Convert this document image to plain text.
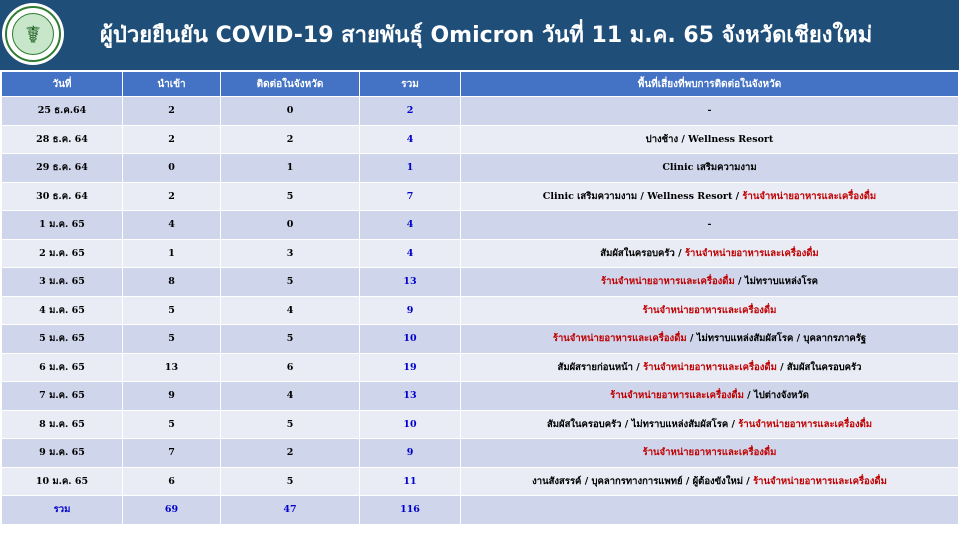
☤	ผู้ป่วยยืนยัน COVID-19 สายพันธุ์ Omicron วันที่ 11 ม.ค. 65 จังหวัดเชียงใหม่
วันที่	นำเข้า	ติดต่อในจังหวัด	รวม	พื้นที่เสี่ยงที่พบการติดต่อในจังหวัด
25 ธ.ค.64	2	0	2	-
28 ธ.ค. 64	2	2	4	ปางช้าง / Wellness Resort
29 ธ.ค. 64	0	1	1	Clinic เสริมความงาม
30 ธ.ค. 64	2	5	7	Clinic เสริมความงาม / Wellness Resort / ร้านจำหน่ายอาหารและเครื่องดื่ม
1 ม.ค. 65	4	0	4	-
2 ม.ค. 65	1	3	4	สัมผัสในครอบครัว / ร้านจำหน่ายอาหารและเครื่องดื่ม
3 ม.ค. 65	8	5	13	ร้านจำหน่ายอาหารและเครื่องดื่ม / ไม่ทราบแหล่งโรค
4 ม.ค. 65	5	4	9	ร้านจำหน่ายอาหารและเครื่องดื่ม
5 ม.ค. 65	5	5	10	ร้านจำหน่ายอาหารและเครื่องดื่ม / ไม่ทราบแหล่งสัมผัสโรค / บุคลากรภาครัฐ
6 ม.ค. 65	13	6	19	สัมผัสรายก่อนหน้า / ร้านจำหน่ายอาหารและเครื่องดื่ม / สัมผัสในครอบครัว
7 ม.ค. 65	9	4	13	ร้านจำหน่ายอาหารและเครื่องดื่ม / ไปต่างจังหวัด
8 ม.ค. 65	5	5	10	สัมผัสในครอบครัว / ไม่ทราบแหล่งสัมผัสโรค / ร้านจำหน่ายอาหารและเครื่องดื่ม
9 ม.ค. 65	7	2	9	ร้านจำหน่ายอาหารและเครื่องดื่ม
10 ม.ค. 65	6	5	11	งานสังสรรค์ / บุคลากรทางการแพทย์ / ผู้ต้องขังใหม่ / ร้านจำหน่ายอาหารและเครื่องดื่ม
รวม	69	47	116	
